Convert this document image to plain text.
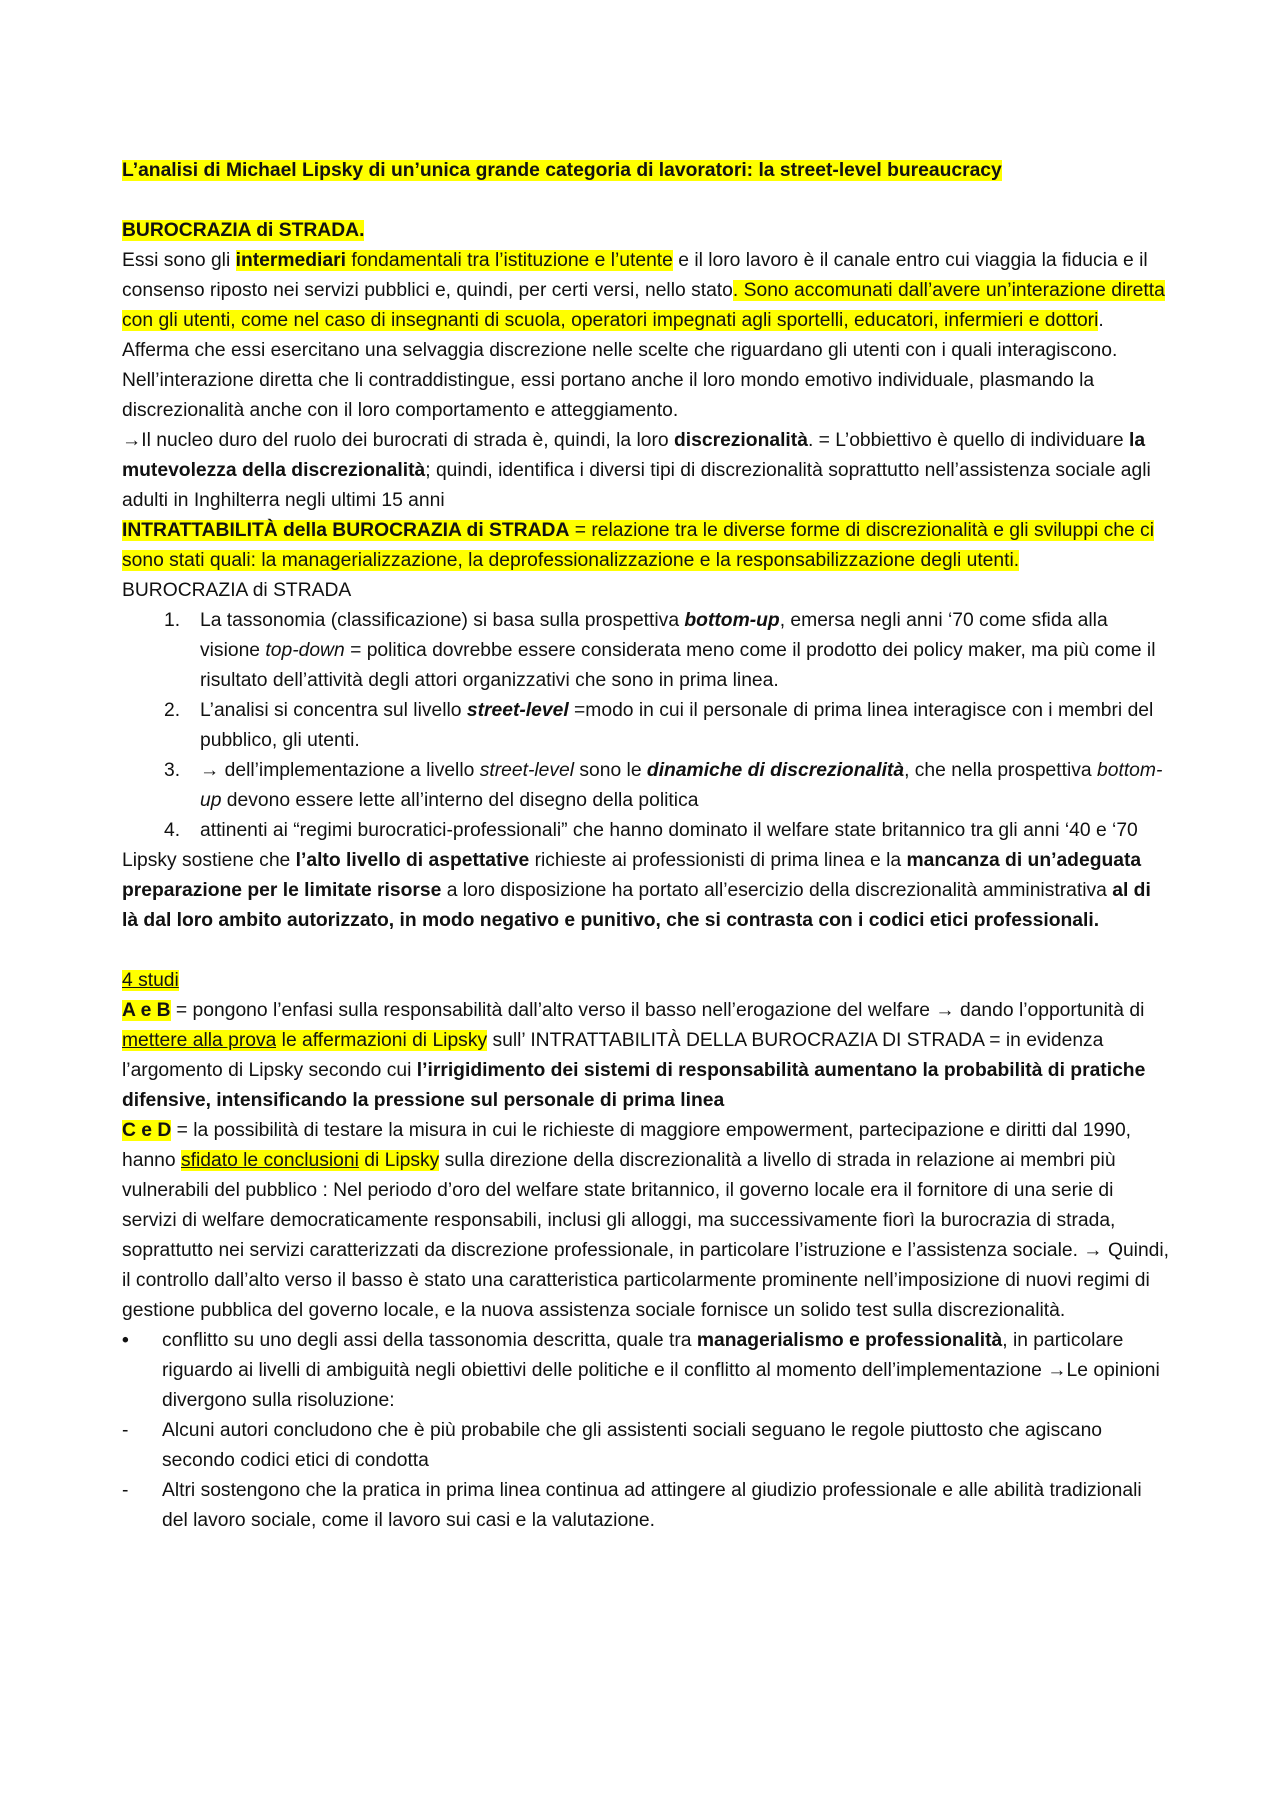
L’analisi di Michael Lipsky di un’unica grande categoria di lavoratori: la street-level bureaucracy

BUROCRAZIA di STRADA.

Essi sono gli intermediari fondamentali tra l’istituzione e l’utente e il loro lavoro è il canale entro cui viaggia la fiducia e il consenso riposto nei servizi pubblici e, quindi, per certi versi, nello stato. Sono accomunati dall’avere un’interazione diretta con gli utenti, come nel caso di insegnanti di scuola, operatori impegnati agli sportelli, educatori, infermieri e dottori. Afferma che essi esercitano una selvaggia discrezione nelle scelte che riguardano gli utenti con i quali interagiscono. Nell’interazione diretta che li contraddistingue, essi portano anche il loro mondo emotivo individuale, plasmando la discrezionalità anche con il loro comportamento e atteggiamento.

→Il nucleo duro del ruolo dei burocrati di strada è, quindi, la loro discrezionalità. = L’obbiettivo è quello di individuare la mutevolezza della discrezionalità; quindi, identifica i diversi tipi di discrezionalità soprattutto nell’assistenza sociale agli adulti in Inghilterra negli ultimi 15 anni

INTRATTABILITÀ della BUROCRAZIA di STRADA = relazione tra le diverse forme di discrezionalità e gli sviluppi che ci sono stati quali: la managerializzazione, la deprofessionalizzazione e la responsabilizzazione degli utenti.

BUROCRAZIA di STRADA

1. La tassonomia (classificazione) si basa sulla prospettiva bottom-up, emersa negli anni ‘70 come sfida alla visione top-down = politica dovrebbe essere considerata meno come il prodotto dei policy maker, ma più come il risultato dell’attività degli attori organizzativi che sono in prima linea.
2. L’analisi si concentra sul livello street-level =modo in cui il personale di prima linea interagisce con i membri del pubblico, gli utenti.
3. → dell’implementazione a livello street-level sono le dinamiche di discrezionalità, che nella prospettiva bottom-up devono essere lette all’interno del disegno della politica
4. attinenti ai “regimi burocratici-professionali” che hanno dominato il welfare state britannico tra gli anni ‘40 e ‘70

Lipsky sostiene che l’alto livello di aspettative richieste ai professionisti di prima linea e la mancanza di un’adeguata preparazione per le limitate risorse a loro disposizione ha portato all’esercizio della discrezionalità amministrativa al di là dal loro ambito autorizzato, in modo negativo e punitivo, che si contrasta con i codici etici professionali.

4 studi

A e B = pongono l’enfasi sulla responsabilità dall’alto verso il basso nell’erogazione del welfare → dando l’opportunità di mettere alla prova le affermazioni di Lipsky sull’ INTRATTABILITÀ DELLA BUROCRAZIA DI STRADA = in evidenza l’argomento di Lipsky secondo cui l’irrigidimento dei sistemi di responsabilità aumentano la probabilità di pratiche difensive, intensificando la pressione sul personale di prima linea

C e D = la possibilità di testare la misura in cui le richieste di maggiore empowerment, partecipazione e diritti dal 1990, hanno sfidato le conclusioni di Lipsky sulla direzione della discrezionalità a livello di strada in relazione ai membri più vulnerabili del pubblico : Nel periodo d’oro del welfare state britannico, il governo locale era il fornitore di una serie di servizi di welfare democraticamente responsabili, inclusi gli alloggi, ma successivamente fiorì la burocrazia di strada, soprattutto nei servizi caratterizzati da discrezione professionale, in particolare l’istruzione e l’assistenza sociale. → Quindi, il controllo dall’alto verso il basso è stato una caratteristica particolarmente prominente nell’imposizione di nuovi regimi di gestione pubblica del governo locale, e la nuova assistenza sociale fornisce un solido test sulla discrezionalità.

• conflitto su uno degli assi della tassonomia descritta, quale tra managerialismo e professionalità, in particolare riguardo ai livelli di ambiguità negli obiettivi delle politiche e il conflitto al momento dell’implementazione →Le opinioni divergono sulla risoluzione:
- Alcuni autori concludono che è più probabile che gli assistenti sociali seguano le regole piuttosto che agiscano secondo codici etici di condotta
- Altri sostengono che la pratica in prima linea continua ad attingere al giudizio professionale e alle abilità tradizionali del lavoro sociale, come il lavoro sui casi e la valutazione.
